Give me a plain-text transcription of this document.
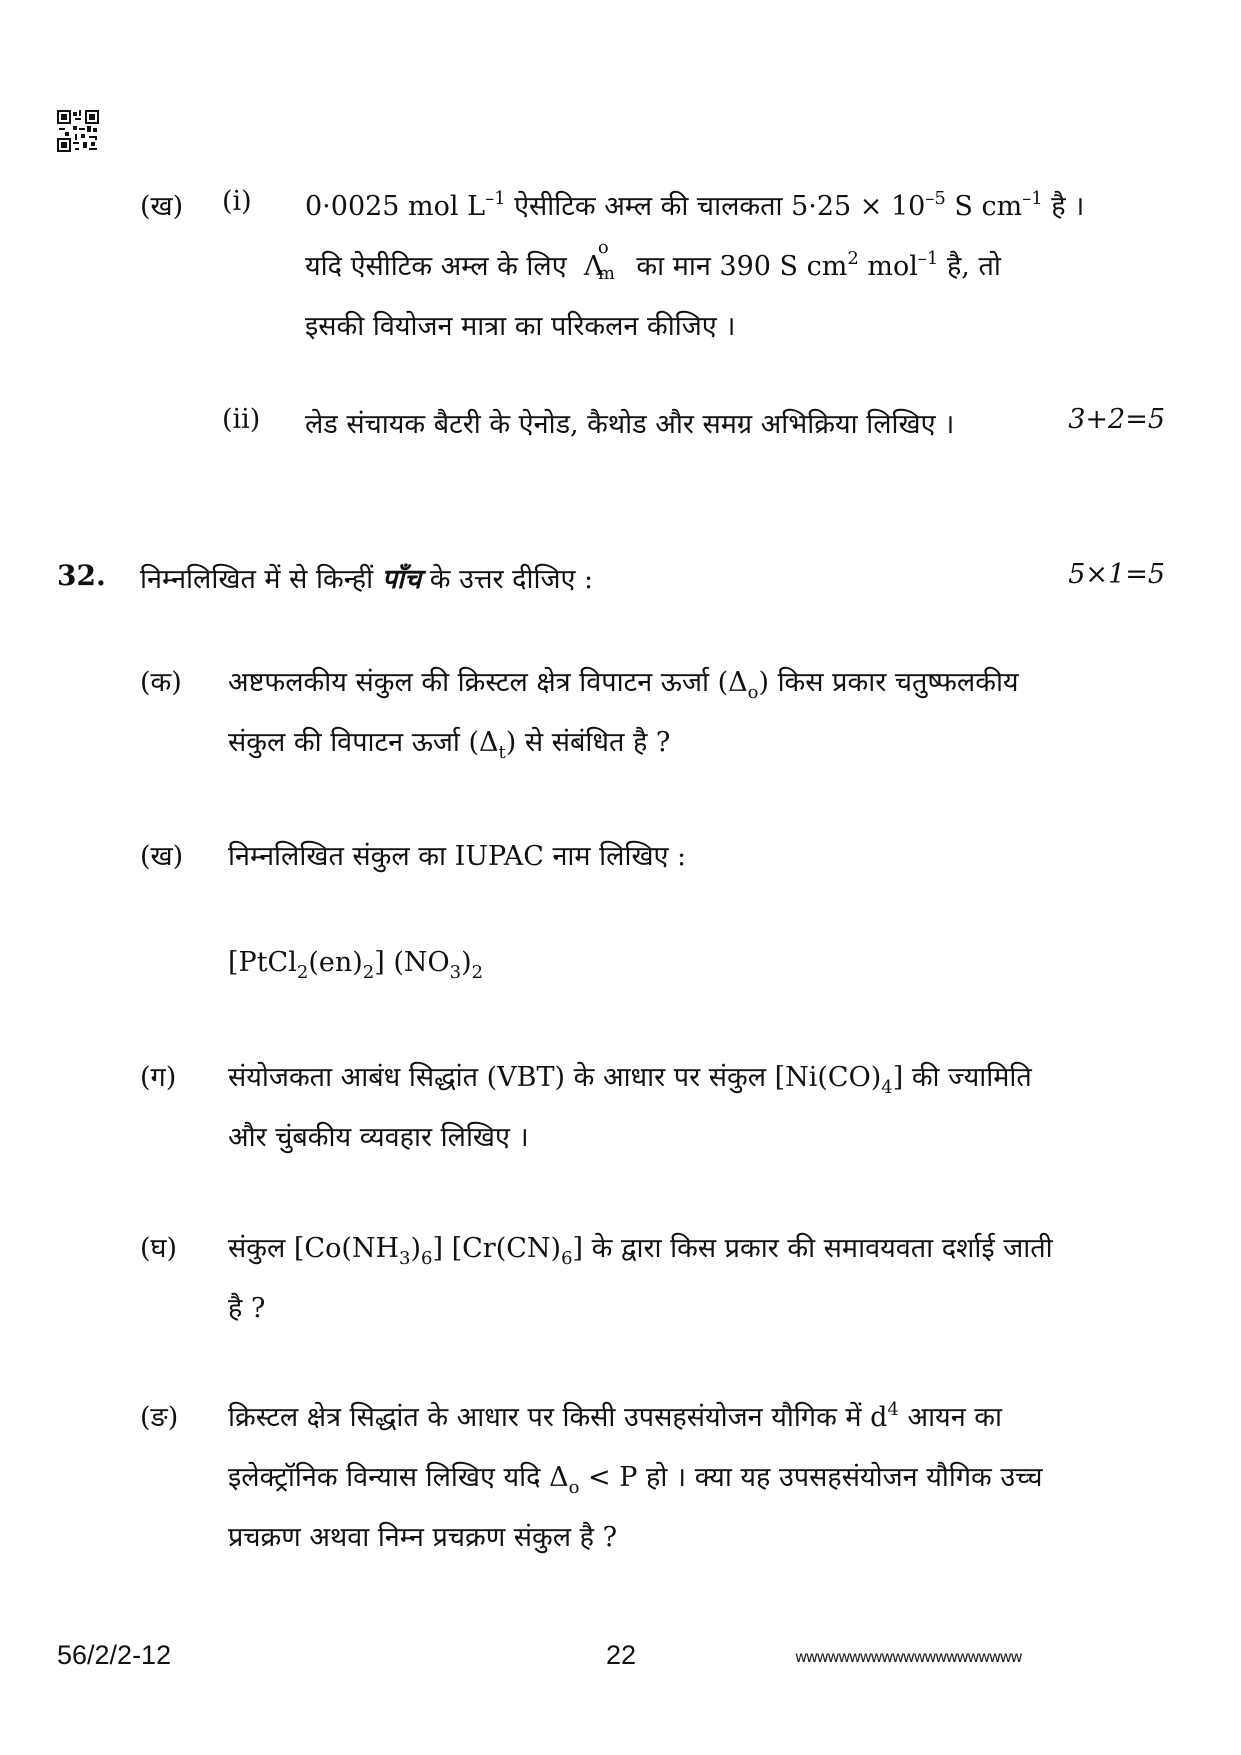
(ख) (i) 0·0025 mol $L^{-1}$ ऐसीटिक अम्ल की चालकता $5\cdot 25 \times 10^{-5}$ S $cm^{-1}$ है ।
यदि ऐसीटिक अम्ल के लिए Λ
o
m का मान 390 S $cm^2$ mol$^{-1}$ है, तो
इसकी वियोजन मात्रा का परिकलन कीजिए ।
(ii) लेड संचायक बैटरी के ऐनोड, कैथोड और समग्र अभिक्रिया लिखिए ।	3+2=5
32. निम्नलिखित में से किन्हीं पाँच के उत्तर दीजिए :	5×1=5
(क) अष्टफलकीय संकुल की क्रिस्टल क्षेत्र विपाटन ऊर्जा $(\Delta_o)$ किस प्रकार चतुष्फलकीय
संकुल की विपाटन ऊर्जा $(\Delta_t)$ से संबंधित है ?
(ख) निम्नलिखित संकुल का IUPAC नाम लिखिए :
$[PtCl_2(en)_2]$ $(NO_3)_2$
(ग) संयोजकता आबंध सिद्धांत (VBT) के आधार पर संकुल $[Ni(CO)_4]$ की ज्यामिति
और चुंबकीय व्यवहार लिखिए ।
(घ) संकुल $[Co(NH_3)_6]$ $[Cr(CN)_6]$ के द्वारा किस प्रकार की समावयवता दर्शाई जाती
है ?
(ङ) क्रिस्टल क्षेत्र सिद्धांत के आधार पर किसी उपसहसंयोजन यौगिक में $d^4$ आयन का
इलेक्ट्रॉनिक विन्यास लिखिए यदि $\Delta_o < P$ हो । क्या यह उपसहसंयोजन यौगिक उच्च
प्रचक्रण अथवा निम्न प्रचक्रण संकुल है ?
56/2/2-12	22	wwwwwwwwwwwwwwwwwwwww
